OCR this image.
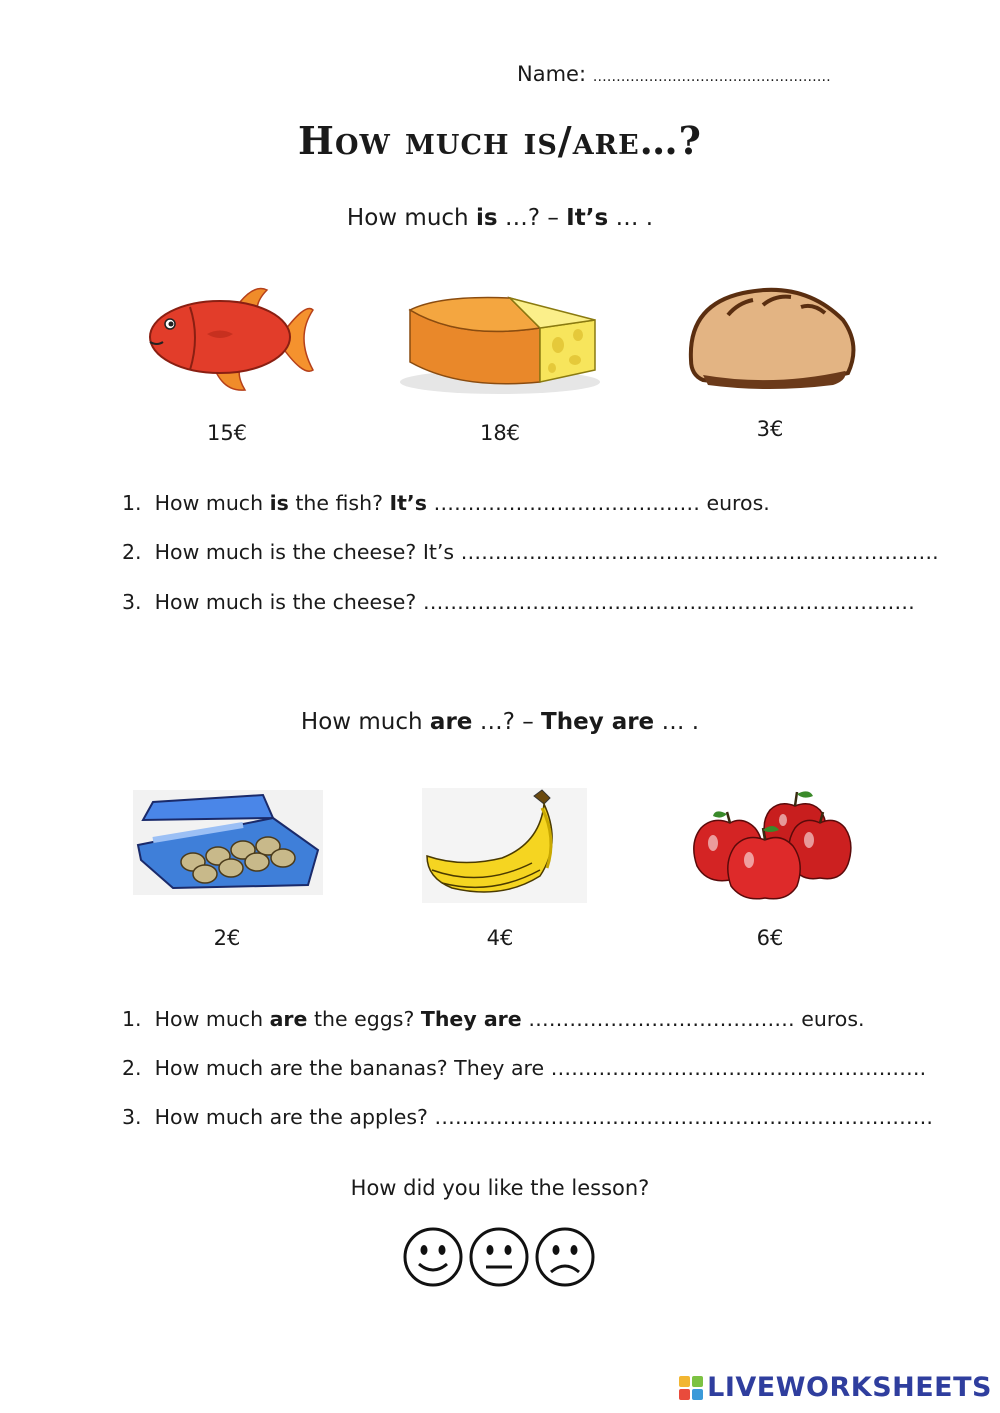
Name: ……………………………………………
How much is/are…?
How much is …? – It’s … .
15€	18€	3€
1. How much is the fish? It’s ………………………………… euros.
2. How much is the cheese? It’s …………………………………………………………….
3. How much is the cheese? ………………………………………………………………
How much are …? – They are … .
2€	4€	6€
1. How much are the eggs? They are ………………………………… euros.
2. How much are the bananas? They are ……………………………………………….
3. How much are the apples? ……………………………………………………………….
How did you like the lesson?
LIVEWORKSHEETS
